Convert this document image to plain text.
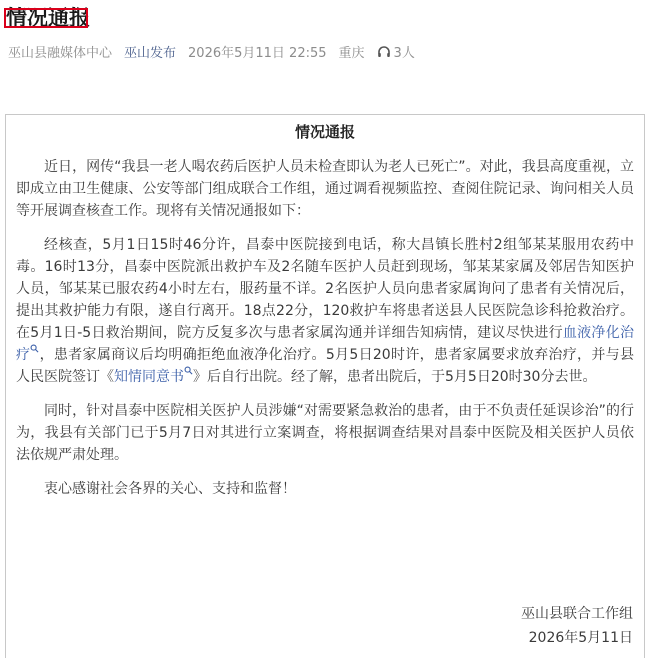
情况通报
巫山县融媒体中心 巫山发布 2026年5月11日 22:55 重庆 3人
情况通报

近日，网传“我县一老人喝农药后医护人员未检查即认为老人已死亡”。对此，我县高度重视，立即成立由卫生健康、公安等部门组成联合工作组，通过调看视频监控、查阅住院记录、询问相关人员等开展调查核查工作。现将有关情况通报如下：

经核查，5月1日15时46分许，昌泰中医院接到电话，称大昌镇长胜村2组邹某某服用农药中毒。16时13分，昌泰中医院派出救护车及2名随车医护人员赶到现场，邹某某家属及邻居告知医护人员，邹某某已服农药4小时左右，服药量不详。2名医护人员向患者家属询问了患者有关情况后，提出其救护能力有限，遂自行离开。18点22分，120救护车将患者送县人民医院急诊科抢救治疗。在5月1日-5日救治期间，院方反复多次与患者家属沟通并详细告知病情，建议尽快进行血液净化治疗 ，患者家属商议后均明确拒绝血液净化治疗。5月5日20时许，患者家属要求放弃治疗，并与县人民医院签订《知情同意书 》后自行出院。经了解，患者出院后，于5月5日20时30分去世。

同时，针对昌泰中医院相关医护人员涉嫌“对需要紧急救治的患者，由于不负责任延误诊治”的行为，我县有关部门已于5月7日对其进行立案调查，将根据调查结果对昌泰中医院及相关医护人员依法依规严肃处理。

衷心感谢社会各界的关心、支持和监督！

巫山县联合工作组
2026年5月11日
